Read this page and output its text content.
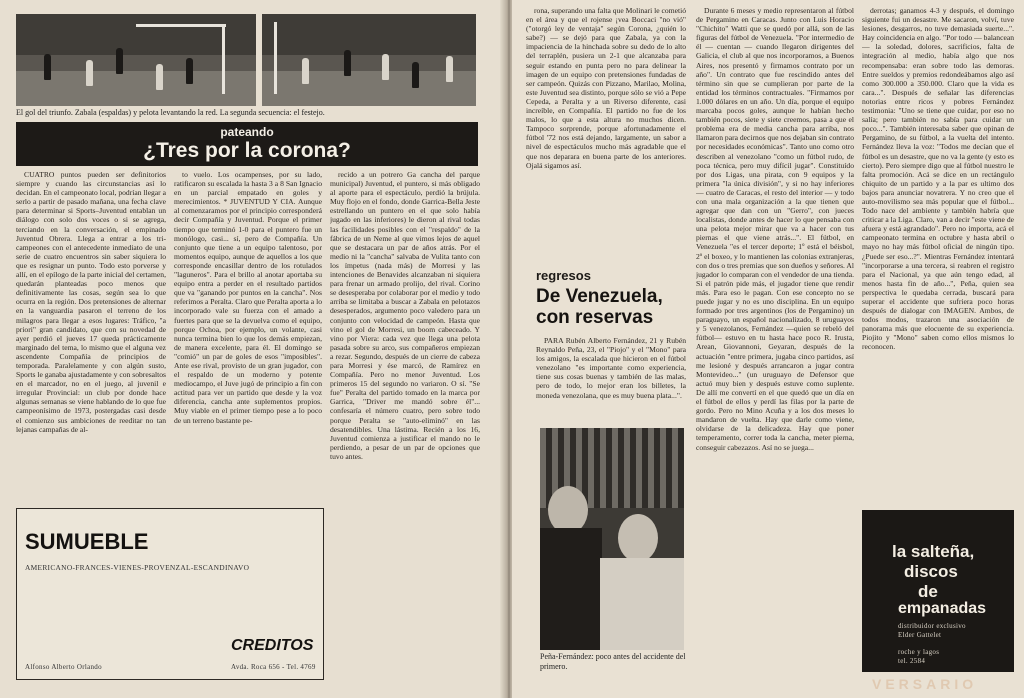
El gol del triunfo. Zabala (espaldas) y pelota levantando la red. La segunda secuencia: el festejo.
pateando
¿Tres por la corona?

CUATRO puntos pueden ser definitorios siempre y cuando las circunstancias así lo decidan. En el campeonato local, podrían llegar a serlo a partir de pasado mañana, una fecha clave para determinar si Sports–Juventud entablan un diálogo con solo dos voces o si se agrega, terciando en la conversación, el empinado Juventud Obrera. Llega a entrar a los tri-campeones con el antecedente inmediato de una serie de cuatro encuentros sin saber siquiera lo que es resignar un punto. Todo esto porverse y allí, en el epílogo de la parte inicial del certamen, quedarán planteadas poco menos que definitivamente las cosas, según sea lo que ocurra en la región. Dos pretensiones de alternar en la vanguardia pasaron el terreno de los milagros para llegar a esos lugares: Tráfico, "a priori" gran candidato, que con su novedad de ayer perdió el jueves 17 queda prácticamente marginado del tema, lo mismo que el alguna vez ascendente Compañía de principios de temporada. Paralelamente y con algún susto, Sports le ganaba ajustadamente y con sobresaltos en el marcador, no en el juego, al juvenil e irregular Provincial: un club por donde hace algunas semanas se viene hablando de lo que fue campeonísimo de 1973, postergadas casi desde el comienzo sus ambiciones de reeditar no tan lejanas campañas de al-

to vuelo. Los ocampenses, por su lado, ratificaron su escalada la hasta 3 a 8 San Ignacio en un parcial empatado en goles y merecimientos. * JUVENTUD Y CIA. Aunque al comenzaramos por el principio corresponderá decir Compañía y Juventud. Porque el primer tiempo que terminó 1-0 para el puntero fue un monólogo, casi... sí, pero de Compañía. Un conjunto que tiene a un equipo talentoso, por momentos equipo, aunque de aquellos a los que corresponde encasillar dentro de los rotulados "laguneros". Para el brillo al anotar aportaba su equipo entra a perder en el resultado partidos que va "ganando por puntos en la cancha". Nos referimos a Peralta. Claro que Peralta aporta a lo incorporado vale su fuerza con el amado a fuertes para que se la devuelva como el equipo, porque Ochoa, por ejemplo, un volante, casi nunca termina bien lo que los demás empiezan, de manera excelente, para él. El domingo se "comió" un par de goles de esos "imposibles". Ante ese rival, provisto de un gran jugador, con el respaldo de un moderno y potente mediocampo, el Juve jugó de principio a fin con actitud para ver un partido que desde y la voz diferencia, cancha ante suplementos propios. Muy viable en el primer tiempo pese a lo poco de un terreno bastante pe-

recido a un potrero Ga cancha del parque municipal) Juventud, el puntero, si más obligado al aporte para el espectáculo, perdió la brújula. Muy flojo en el fondo, donde Garrica-Bella Jeste estrellando un puntero en el que solo había jugado en las inferiores) le dieron al rival todas las facilidades posibles con el "respaldo" de la fábrica de un Neme al que vimos lejos de aquel que se destacara un par de años atrás. Por el medio ni la "cancha" salvaba de Vulita tanto con los ímpetus (nada más) de Morresi y las intenciones de Benavides alcanzaban ni siquiera para frenar un armado prolijo, del rival. Corino se desesperaba por colaborar por el medio y todo arriba se limitaba a buscar a Zabala en pelotazos desesperados, argumento poco valedero para un conjunto con velocidad de campeón. Hasta que vino el gol de Morresi, un boom cabeceado. Y vino por Viera: cada vez que llega una pelota pasada sobre su arco, sus compañeros empiezan a rezar. Segundo, después de un cierre de cabeza para Morresi y ése marcó, de Ramírez en Compañía. Pero no menor Juventud. Los primeros 15 del segundo no variaron. O sí. "Se fue" Peralta del partido tomado en la marca por Garrica, "Driver me mandó sobre él"... confesaría el número cuatro, pero sobre todo porque Peralta se "auto-eliminó" en las desatendibles. Una lástima. Recién a los 16, Juventud comienza a justificar el mando no le perdiendo, a pesar de un par de opciones que tuvo antes.

SUMUEBLE
AMERICANO-FRANCES-VIENES-PROVENZAL-ESCANDINAVO
CREDITOS
Alfonso Alberto Orlando	Avda. Roca 656 - Tel. 4769

rona, superando una falta que Molinari le cometió en el área y que el rojense ¡vea Boccaci "no vió" ("otorgó ley de ventaja" según Corona, ¿quién lo sabe?) — se dejó para que Zabala, ya con la impaciencia de la hinchada sobre su dedo de lo alto del terraplén, pusiera un 2-1 que alcanzaba para seguir estando en punta pero no para delinear la imagen de un equipo con pretensiones fundadas de ser campeón. Quizás con Pizzano, Marilao, Molina, este Juventud sea distinto, porque sólo se vió a Pepe Cepeda, a Peralta y a un Riverso diferente, casi increíble, en Compañía. El partido no fue de los malos, lo que a esta altura no muchos dicen. Tampoco sorprende, porque afortunadamente el fútbol '72 nos está dejando, largamente, un sabor a nivel de espectáculos mucho más agradable que el que nos deparara en buena parte de los anteriores. Ojalá sigamos así.

regresos
De Venezuela, con reservas

PARA Rubén Alberto Fernández, 21 y Rubén Reynaldo Peña, 23, el "Piojo" y el "Mono" para los amigos, la escalada que hicieron en el fútbol venezolano "es importante como experiencia, tiene sus cosas buenas y también de las malas, pero de todo, lo mejor eran los billetes, la moneda venezolana, que es muy buena plata...".

Peña-Fernández: poco antes del accidente del primero.

Durante 6 meses y medio representaron al fútbol de Pergamino en Caracas. Junto con Luis Horacio "Chichito" Watti que se quedó por allá, son de las figuras del fútbol de Venezuela. "Por intermedio de él — cuentan — cuando llegaron dirigentes del Galicia, el club al que nos incorporamos, a Buenos Aires, nos presentó y firmamos contrato por un año". Un contrato que fue rescindido antes del término sin que se cumplieran por parte de la entidad los términos contractuales. "Firmamos por 1.000 dólares en un año. Un día, porque el equipo marcaba pocos goles, aunque le habían hecho también pocos, siete y siete creemos, pasa a que el problema era de media cancha para arriba, nos llamaron para decirnos que nos dejaban sin contrato por necesidades económicas". Tanto uno como otro describen al venezolano "como un fútbol rudo, de poca técnica, pero muy difícil jugar". Constituído por dos Ligas, una pirata, con 9 equipos y la primera "la única división", y si no hay inferiores — cuatro de Caracas, el resto del interior — y todo con una mala organización a la que tienen que agregar que dan con un "Gerro", con jueces localistas, donde antes de hacer lo que pensaba con una pelota mejor mirar que va a hacer con tus piernas el que viene atrás...". El fútbol, en Venezuela "es el tercer deporte; 1º está el béisbol, 2º el boxeo, y lo mantienen las colonias extranjeras, con dos o tres premias que son dueños y señores. Al jugador lo comparan con el vendedor de una tienda. Si el patrón pide más, el jugador tiene que rendir más. Para eso le pagan. Con ese concepto no se puede jugar y no es uno disciplina. En un equipo formado por tres argentinos (los de Pergamino) un paraguayo, un español nacionalizado, 8 uruguayos y 5 venezolanos, Fernández —quien se rebeló del fútbol— estuvo en tu hasta hace poco R. Irusta, Arean, Giovannoni, Geyaran, después de la actuación "entre primera, jugaba cinco partidos, así me lesioné y después arrancaron a jugar contra Montevideo..." (un uruguayo de Defensor que actuó muy bien y después estuve como suplente. De allí me convertí en el que quedó que un día en el fútbol de ellos y perdí las filas por la parte de gordo. Pero no Mino Acuña y a los dos meses lo mandaron de vuelta. Hay que darle como viene, olvidarse de la delicadeza. Hay que poner temperamento, correr toda la cancha, meter pierna, conseguir cabezazos. Así no se juega...

derrotas; ganamos 4-3 y después, el domingo siguiente fui un desastre. Me sacaron, volví, tuve lesiones, desgarros, no tuve demasiada suerte...". Hay coincidencia en algo. "Por todo — balancean — la soledad, dolores, sacrificios, falta de integración al medio, había algo que nos recompensaba: eran sobre todo las demoras. Entre sueldos y premios redondeábamos algo así como 300.000 a 350.000. Claro que la vida es cara...". Después de señalar las diferencias notorias entre ricos y pobres Fernández testimonia: "Uno se tiene que cuidar, por eso no salía; pero también no sabía para cuidar un poco...". También interesaba saber que opinan de Pergamino, de su fútbol, a la vuelta del intento. Fernández lleva la voz: "Todos me decían que el fútbol es un desastre, que no va la gente (y esto es cierto). Pero siempre digo que al fútbol nuestro le falta promoción. Acá se dice en un rectángulo chiquito de un partido y a la par es ultimo dos bajos para anunciar novatrera. Y no creo que el auto-movilismo sea más popular que el fútbol... Todo nace del ambiente y también habría que criticar a la Liga. Claro, van a decir "este viene de afuera y está agrandado". Pero no importa, acá el campeonato termina en octubre y hasta abril o mayo no hay más fútbol oficial de ningún tipo. ¿Puede ser eso...?". Mientras Fernández intentará "incorporarse a una tercera, si reabren el registro para el Nacional, ya que aún tengo edad, al menos hasta fin de año...", Peña, quien sea perspectiva le quedaba cerrada, buscará para superar el accidente que sufriera poco horas después de dialogar con IMAGEN. Ambos, de todos modos, trazaron una asociación de panorama más que elocuente de su experiencia. Piojito y "Mono" saben como ellos mismos lo reconocen.

la salteña,
discos
de
empanadas
distribuidor exclusivo
Elder Gattelet
roche y lagos
tel. 2584
VERSARIO
